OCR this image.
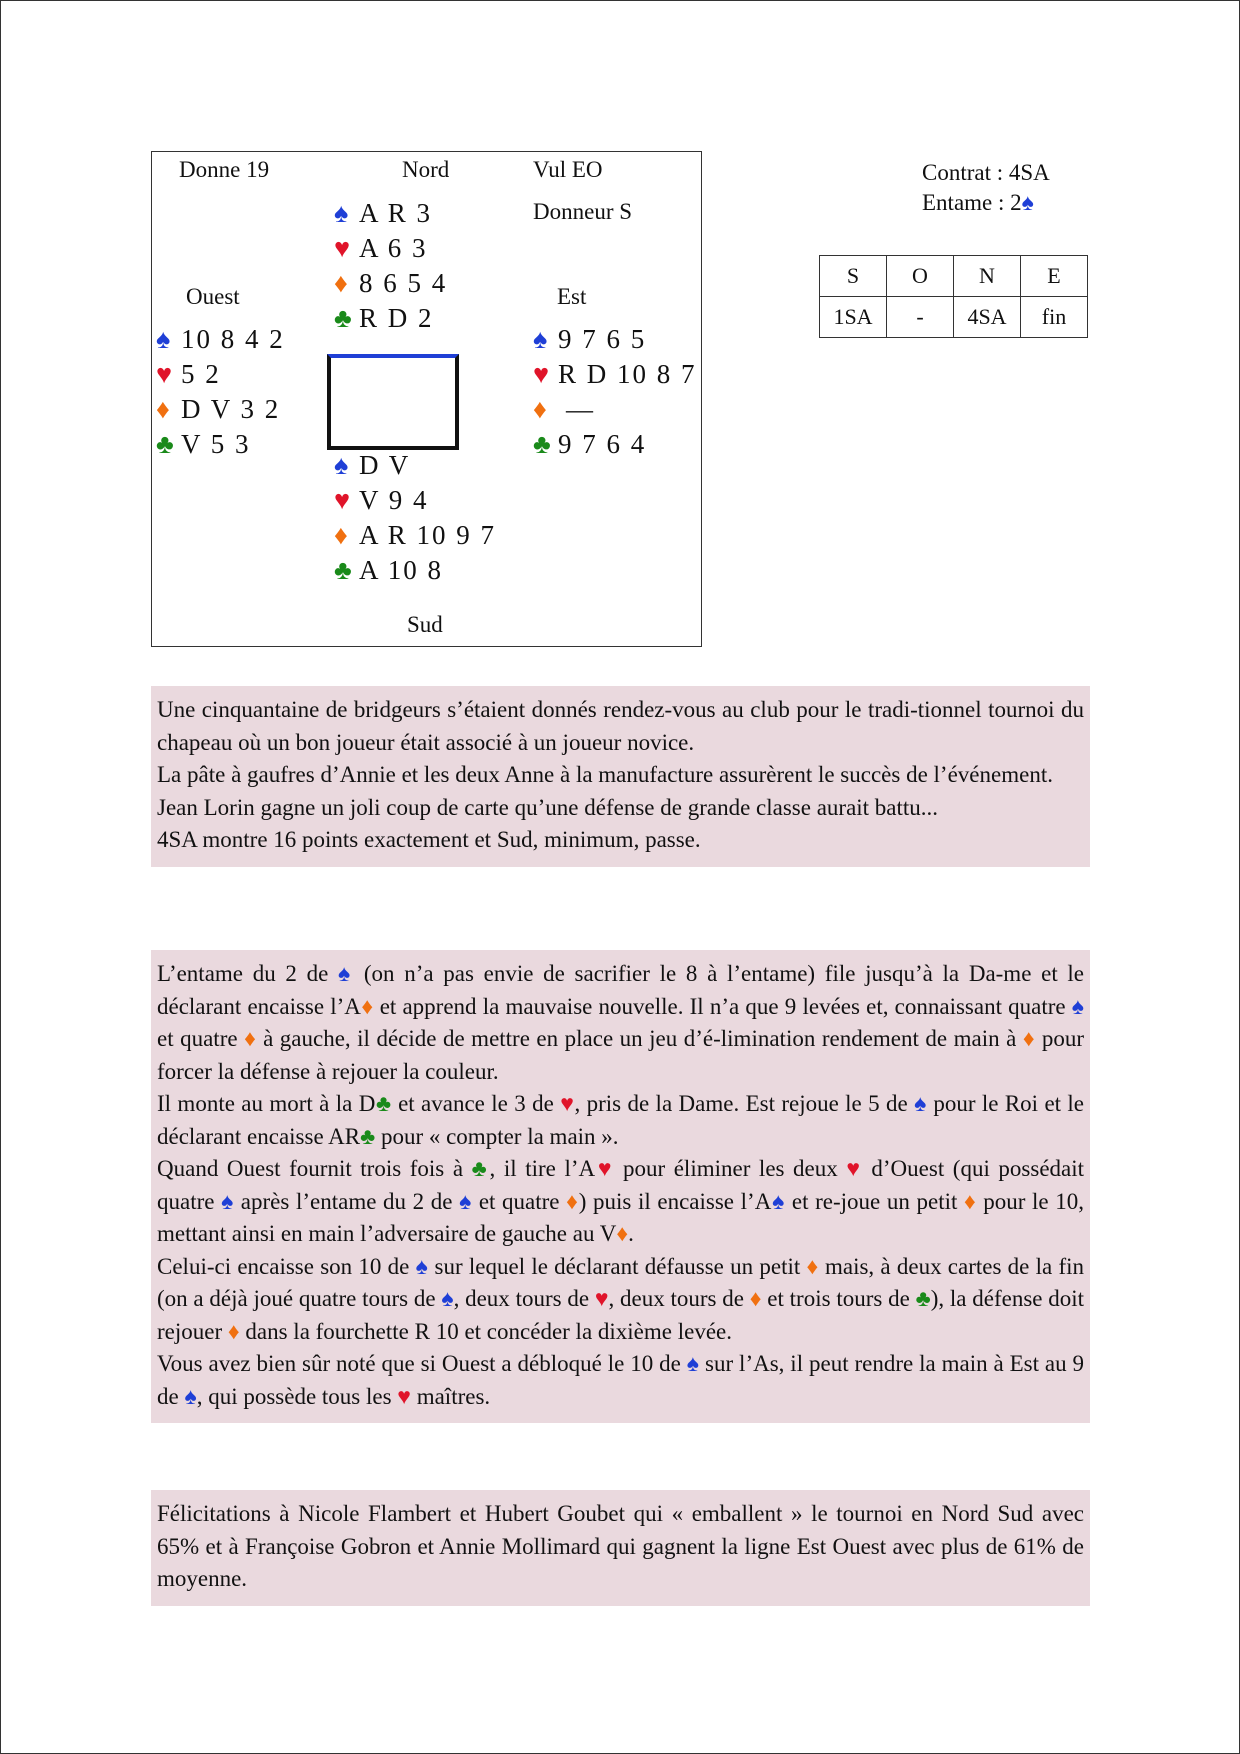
Donne 19	Nord	Vul EO
Donneur S
Ouest	Est
Sud
♠ A R 3
♥ A 6 3
♦ 8 6 5 4
♣ R D 2
♠ 10 8 4 2
♥ 5 2
♦ D V 3 2
♣ V 5 3
♠ 9 7 6 5
♥ R D 10 8 7
♦ —
♣ 9 7 6 4
♠ D V
♥ V 9 4
♦ A R 10 9 7
♣ A 10 8
Contrat : 4SA
Entame : 2♠
S	O	N	E
1SA	-	4SA	fin

Une cinquantaine de bridgeurs s’étaient donnés rendez-vous au club pour le tradi-tionnel tournoi du chapeau où un bon joueur était associé à un joueur novice.

La pâte à gaufres d’Annie et les deux Anne à la manufacture assurèrent le succès de l’événement.

Jean Lorin gagne un joli coup de carte qu’une défense de grande classe aurait battu...

4SA montre 16 points exactement et Sud, minimum, passe.

L’entame du 2 de ♠ (on n’a pas envie de sacrifier le 8 à l’entame) file jusqu’à la Da-me et le déclarant encaisse l’A♦ et apprend la mauvaise nouvelle. Il n’a que 9 levées et, connaissant quatre ♠ et quatre ♦ à gauche, il décide de mettre en place un jeu d’é-limination rendement de main à ♦ pour forcer la défense à rejouer la couleur.

Il monte au mort à la D♣ et avance le 3 de ♥, pris de la Dame. Est rejoue le 5 de ♠ pour le Roi et le déclarant encaisse AR♣ pour « compter la main ».

Quand Ouest fournit trois fois à ♣, il tire l’A♥ pour éliminer les deux ♥ d’Ouest (qui possédait quatre ♠ après l’entame du 2 de ♠ et quatre ♦) puis il encaisse l’A♠ et re-joue un petit ♦ pour le 10, mettant ainsi en main l’adversaire de gauche au V♦.

Celui-ci encaisse son 10 de ♠ sur lequel le déclarant défausse un petit ♦ mais, à deux cartes de la fin (on a déjà joué quatre tours de ♠, deux tours de ♥, deux tours de ♦ et trois tours de ♣), la défense doit rejouer ♦ dans la fourchette R 10 et concéder la dixième levée.

Vous avez bien sûr noté que si Ouest a débloqué le 10 de ♠ sur l’As, il peut rendre la main à Est au 9 de ♠, qui possède tous les ♥ maîtres.

Félicitations à Nicole Flambert et Hubert Goubet qui « emballent » le tournoi en Nord Sud avec 65% et à Françoise Gobron et Annie Mollimard qui gagnent la ligne Est Ouest avec plus de 61% de moyenne.
